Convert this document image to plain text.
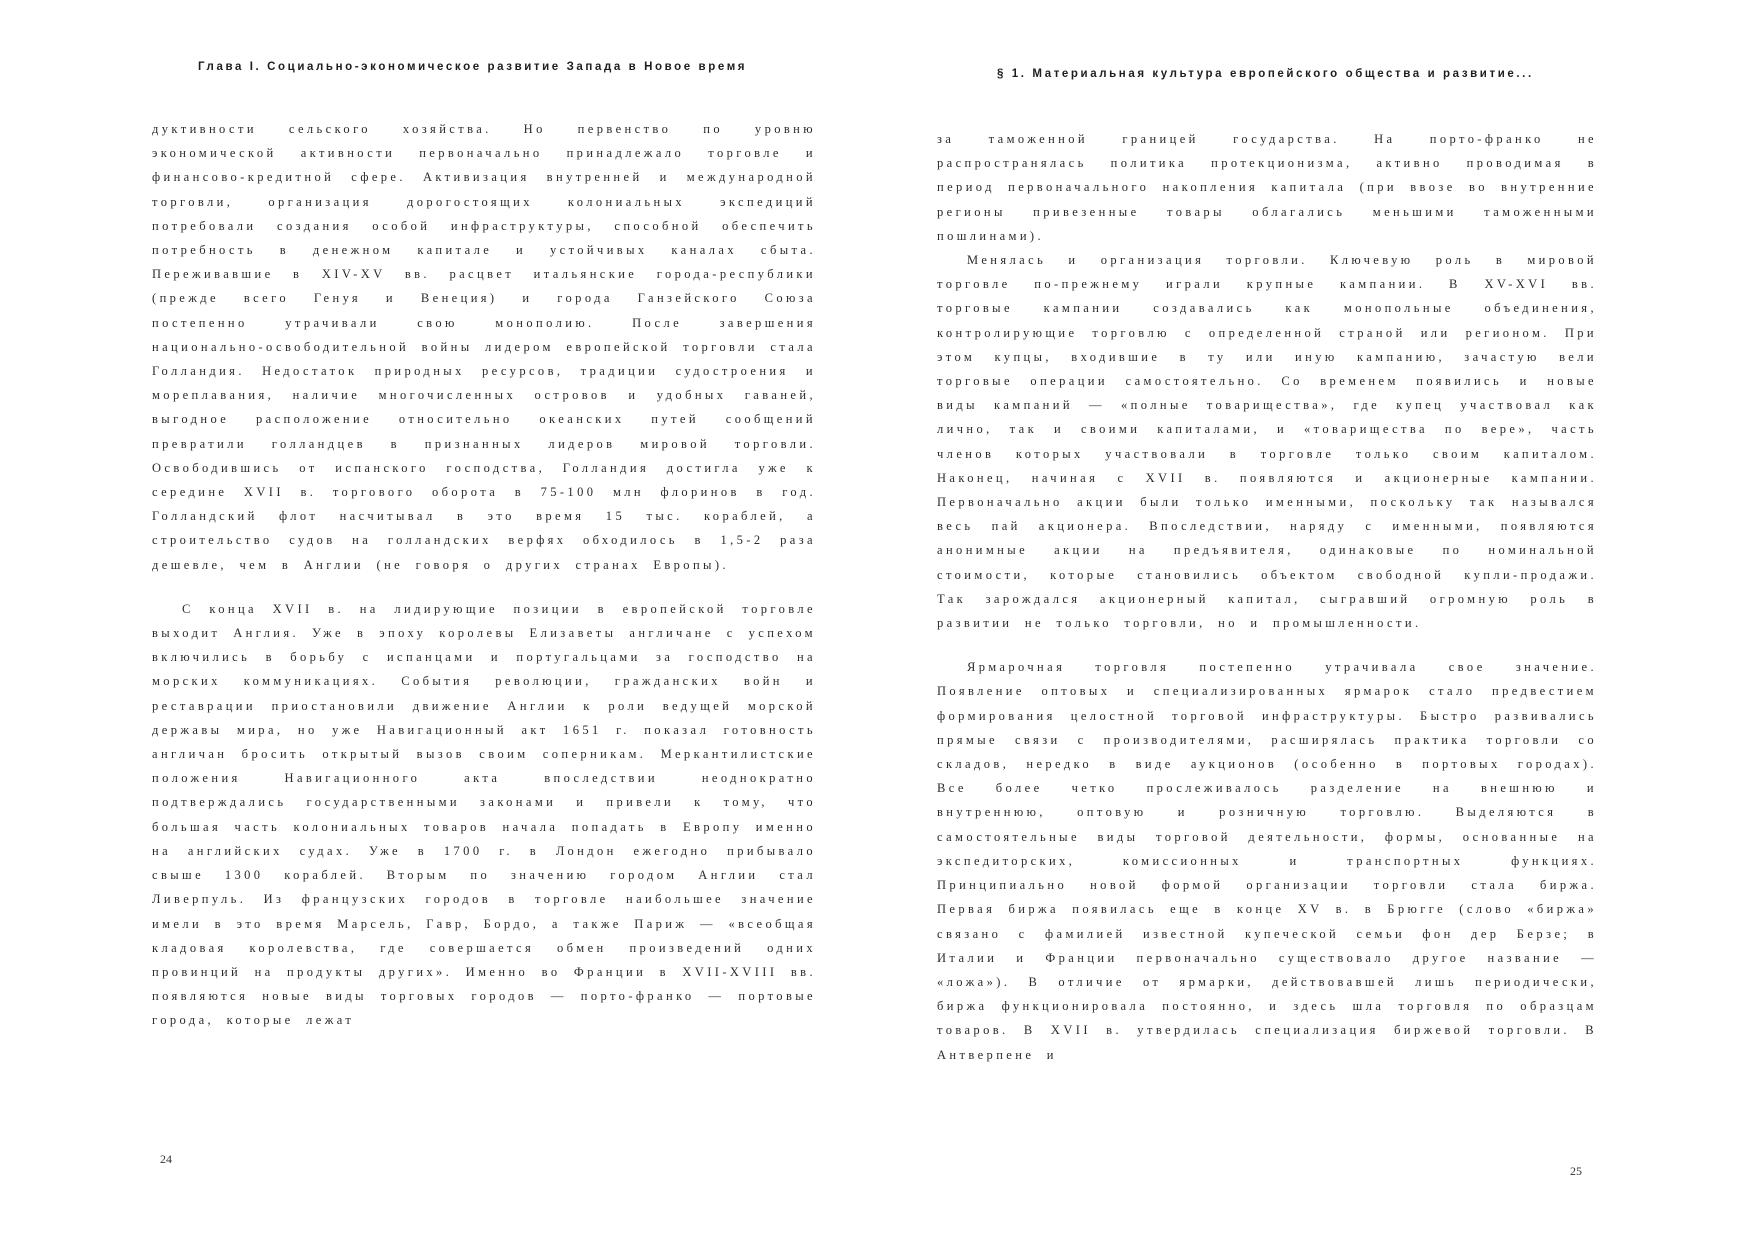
Глава I. Социально-экономическое развитие Запада в Новое время

дуктивности сельского хозяйства. Но первенство по уровню экономической активности первоначально принадлежало торговле и финансово-кредитной сфере. Активизация внутренней и международной торговли, организация дорогостоящих колониальных экспедиций потребовали создания особой инфраструктуры, способной обеспечить потребность в денежном капитале и устойчивых каналах сбыта. Переживавшие в XIV-XV вв. расцвет итальянские города-республики (прежде всего Генуя и Венеция) и города Ганзейского Союза постепенно утрачивали свою монополию. После завершения национально-освободительной войны лидером европейской торговли стала Голландия. Недостаток природных ресурсов, традиции судостроения и мореплавания, наличие многочисленных островов и удобных гаваней, выгодное расположение относительно океанских путей сообщений превратили голландцев в признанных лидеров мировой торговли. Освободившись от испанского господства, Голландия достигла уже к середине XVII в. торгового оборота в 75-100 млн флоринов в год. Голландский флот насчитывал в это время 15 тыс. кораблей, а строительство судов на голландских верфях обходилось в 1,5-2 раза дешевле, чем в Англии (не говоря о других странах Европы).

С конца XVII в. на лидирующие позиции в европейской торговле выходит Англия. Уже в эпоху королевы Елизаветы англичане с успехом включились в борьбу с испанцами и португальцами за господство на морских коммуникациях. События революции, гражданских войн и реставрации приостановили движение Англии к роли ведущей морской державы мира, но уже Навигационный акт 1651 г. показал готовность англичан бросить открытый вызов своим соперникам. Меркантилистские положения Навигационного акта впоследствии неоднократно подтверждались государственными законами и привели к тому, что большая часть колониальных товаров начала попадать в Европу именно на английских судах. Уже в 1700 г. в Лондон ежегодно прибывало свыше 1300 кораблей. Вторым по значению городом Англии стал Ливерпуль. Из французских городов в торговле наибольшее значение имели в это время Марсель, Гавр, Бордо, а также Париж — «всеобщая кладовая королевства, где совершается обмен произведений одних провинций на продукты других». Именно во Франции в XVII-XVIII вв. появляются новые виды торговых городов — порто-франко — портовые города, которые лежат

24
§ 1. Материальная культура европейского общества и развитие...

за таможенной границей государства. На порто-франко не распространялась политика протекционизма, активно проводимая в период первоначального накопления капитала (при ввозе во внутренние регионы привезенные товары облагались меньшими таможенными пошлинами).

Менялась и организация торговли. Ключевую роль в мировой торговле по-прежнему играли крупные кампании. В XV-XVI вв. торговые кампании создавались как монопольные объединения, контролирующие торговлю с определенной страной или регионом. При этом купцы, входившие в ту или иную кампанию, зачастую вели торговые операции самостоятельно. Со временем появились и новые виды кампаний — «полные товарищества», где купец участвовал как лично, так и своими капиталами, и «товарищества по вере», часть членов которых участвовали в торговле только своим капиталом. Наконец, начиная с XVII в. появляются и акционерные кампании. Первоначально акции были только именными, поскольку так назывался весь пай акционера. Впоследствии, наряду с именными, появляются анонимные акции на предъявителя, одинаковые по номинальной стоимости, которые становились объектом свободной купли-продажи. Так зарождался акционерный капитал, сыгравший огромную роль в развитии не только торговли, но и промышленности.

Ярмарочная торговля постепенно утрачивала свое значение. Появление оптовых и специализированных ярмарок стало предвестием формирования целостной торговой инфраструктуры. Быстро развивались прямые связи с производителями, расширялась практика торговли со складов, нередко в виде аукционов (особенно в портовых городах). Все более четко прослеживалось разделение на внешнюю и внутреннюю, оптовую и розничную торговлю. Выделяются в самостоятельные виды торговой деятельности, формы, основанные на экспедиторских, комиссионных и транспортных функциях. Принципиально новой формой организации торговли стала биржа. Первая биржа появилась еще в конце XV в. в Брюгге (слово «биржа» связано с фамилией известной купеческой семьи фон дер Берзе; в Италии и Франции первоначально существовало другое название — «ложа»). В отличие от ярмарки, действовавшей лишь периодически, биржа функционировала постоянно, и здесь шла торговля по образцам товаров. В XVII в. утвердилась специализация биржевой торговли. В Антверпене и

25
